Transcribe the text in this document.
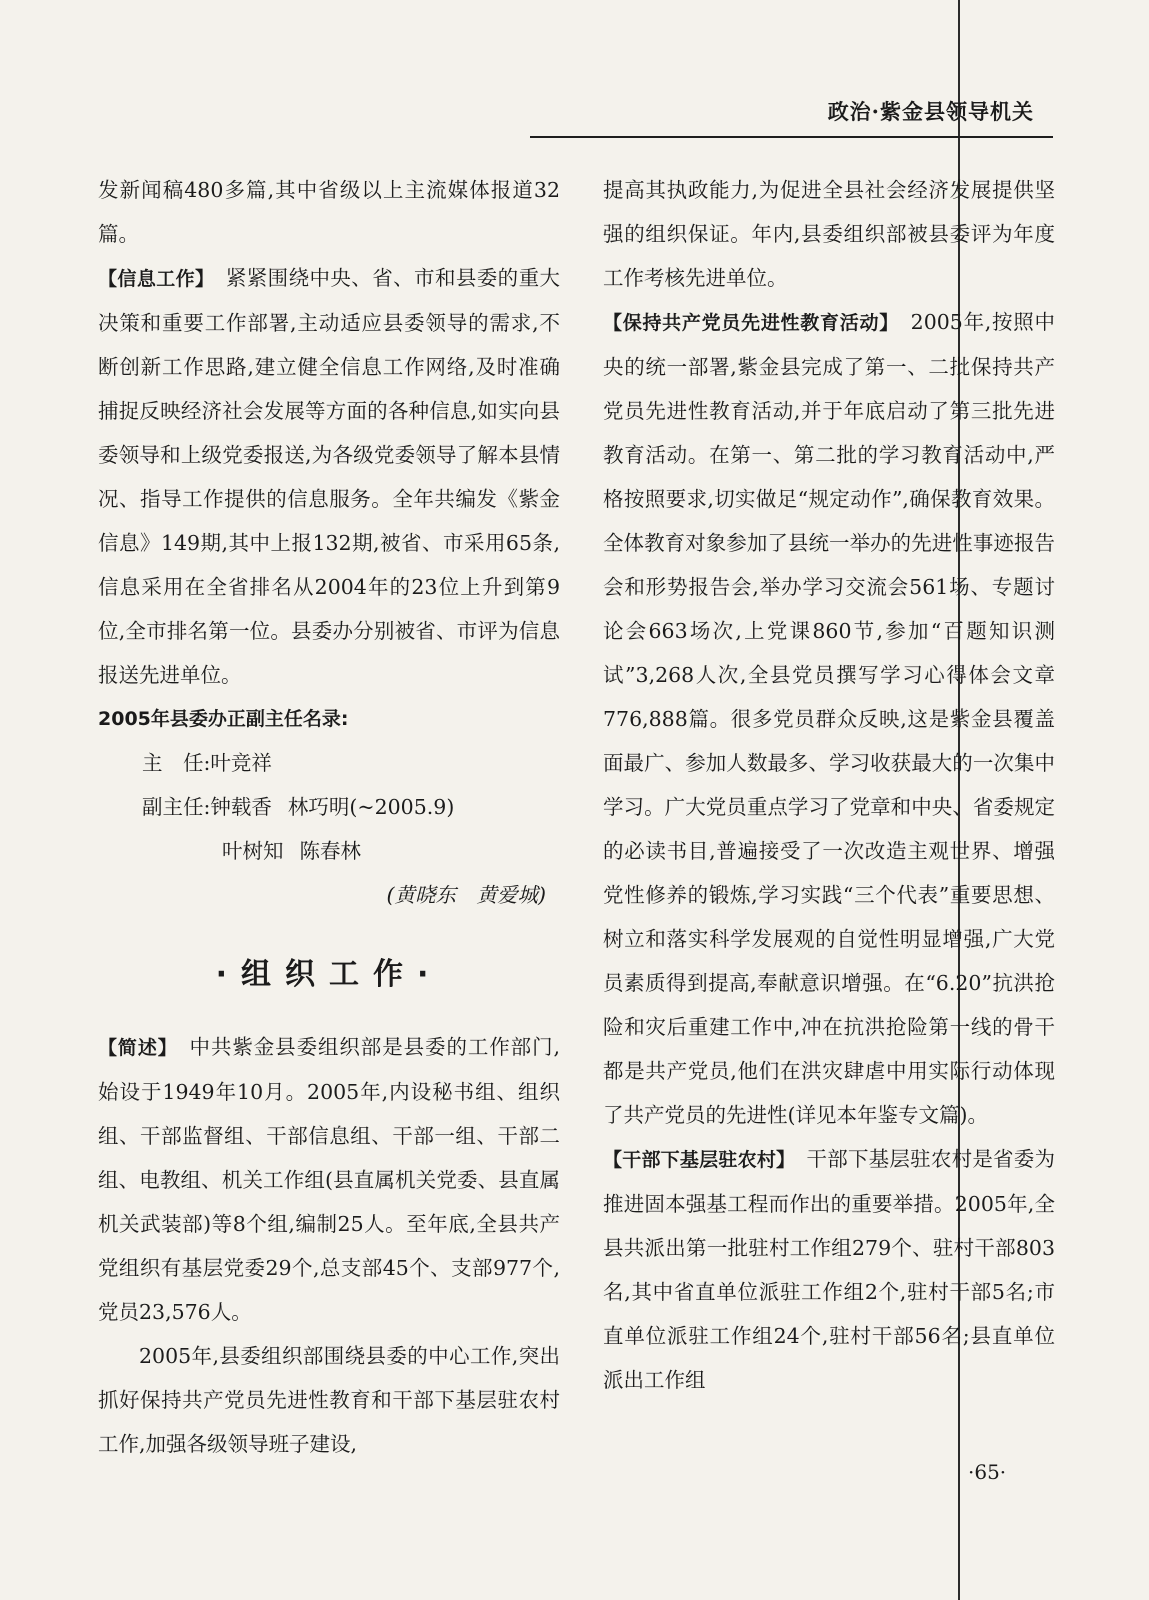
政治·紫金县领导机关

发新闻稿480多篇,其中省级以上主流媒体报道32篇。

【信息工作】　紧紧围绕中央、省、市和县委的重大决策和重要工作部署,主动适应县委领导的需求,不断创新工作思路,建立健全信息工作网络,及时准确捕捉反映经济社会发展等方面的各种信息,如实向县委领导和上级党委报送,为各级党委领导了解本县情况、指导工作提供的信息服务。全年共编发《紫金信息》149期,其中上报132期,被省、市采用65条,信息采用在全省排名从2004年的23位上升到第9位,全市排名第一位。县委办分别被省、市评为信息报送先进单位。

2005年县委办正副主任名录:
主　任:叶竞祥
副主任:钟载香 林巧明(~2005.9)
叶树知 陈春林
(黄晓东　黄爱城)
·组织工作·

【简述】　中共紫金县委组织部是县委的工作部门,始设于1949年10月。2005年,内设秘书组、组织组、干部监督组、干部信息组、干部一组、干部二组、电教组、机关工作组(县直属机关党委、县直属机关武装部)等8个组,编制25人。至年底,全县共产党组织有基层党委29个,总支部45个、支部977个,党员23,576人。

2005年,县委组织部围绕县委的中心工作,突出抓好保持共产党员先进性教育和干部下基层驻农村工作,加强各级领导班子建设,

提高其执政能力,为促进全县社会经济发展提供坚强的组织保证。年内,县委组织部被县委评为年度工作考核先进单位。

【保持共产党员先进性教育活动】　2005年,按照中央的统一部署,紫金县完成了第一、二批保持共产党员先进性教育活动,并于年底启动了第三批先进教育活动。在第一、第二批的学习教育活动中,严格按照要求,切实做足“规定动作”,确保教育效果。全体教育对象参加了县统一举办的先进性事迹报告会和形势报告会,举办学习交流会561场、专题讨论会663场次,上党课860节,参加“百题知识测试”3,268人次,全县党员撰写学习心得体会文章776,888篇。很多党员群众反映,这是紫金县覆盖面最广、参加人数最多、学习收获最大的一次集中学习。广大党员重点学习了党章和中央、省委规定的必读书目,普遍接受了一次改造主观世界、增强党性修养的锻炼,学习实践“三个代表”重要思想、树立和落实科学发展观的自觉性明显增强,广大党员素质得到提高,奉献意识增强。在“6.20”抗洪抢险和灾后重建工作中,冲在抗洪抢险第一线的骨干都是共产党员,他们在洪灾肆虐中用实际行动体现了共产党员的先进性(详见本年鉴专文篇)。

【干部下基层驻农村】　干部下基层驻农村是省委为推进固本强基工程而作出的重要举措。2005年,全县共派出第一批驻村工作组279个、驻村干部803名,其中省直单位派驻工作组2个,驻村干部5名;市直单位派驻工作组24个,驻村干部56名;县直单位派出工作组

·65·
